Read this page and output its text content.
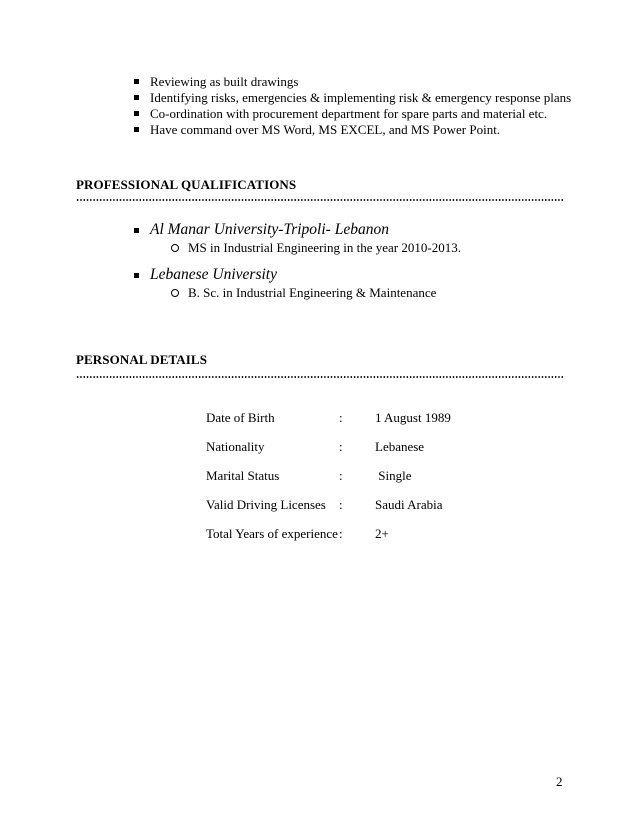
Reviewing as built drawings
Identifying risks, emergencies & implementing risk & emergency response plans
Co-ordination with procurement department for spare parts and material etc.
Have command over MS Word, MS EXCEL, and MS Power Point.
PROFESSIONAL QUALIFICATIONS
Al Manar University-Tripoli- Lebanon
MS in Industrial Engineering in the year 2010-2013.
Lebanese University
B. Sc. in Industrial Engineering & Maintenance
PERSONAL DETAILS
Date of Birth	: 1 August 1989
Nationality	: Lebanese
Marital Status	: Single
Valid Driving Licenses : Saudi Arabia
Total Years of experience : 2+
2
